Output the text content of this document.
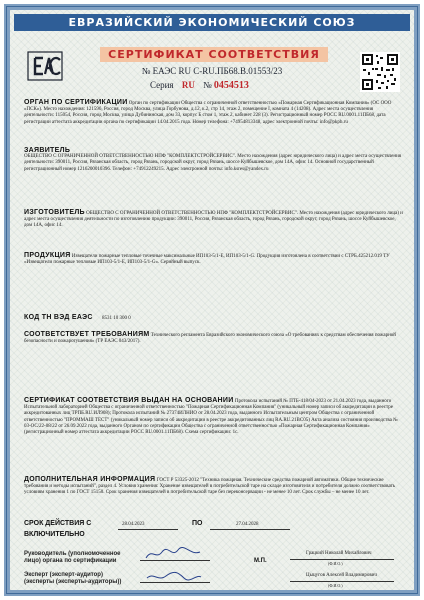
ЕВРАЗИЙСКИЙ ЭКОНОМИЧЕСКИЙ СОЮЗ
СЕРТИФИКАТ СООТВЕТСТВИЯ
№ ЕАЭС RU C-RU.ПБ68.В.01553/23
Серия RU № 0454513
ОРГАН ПО СЕРТИФИКАЦИИ Орган по сертификации Общества с ограниченной ответственностью «Пожарная Сертификационная Компания» (ОС ООО «ПСК»). Место нахождения: 121596, Россия, город Москва, улица Горбунова, д.12, к.2, стр 14, этаж 2, помещение I, комната 4 (14208). Адрес места осуществления деятельности: 115054, Россия, город Москва, улица Дубининская, дом 33, корпус Б стом 1, этаж 2, кабинет 228 (3). Регистрационный номер РОСС RU.0001.11ПБ68, дата регистрации аттестата аккредитации органа по сертификации 14.04.2015 года. Номер телефона: +74954813348, адрес электронной почты: info@pkpb.ru
ЗАЯВИТЕЛЬ
ОБЩЕСТВО С ОГРАНИЧЕННОЙ ОТВЕТСТВЕННОСТЬЮ НПФ "КОМПЛЕКТСТРОЙСЕРВИС". Место нахождения (адрес юридического лица) и адрес места осуществления деятельности: 390011, Россия, Рязанская область, город Рязань, городской округ, город Рязань, шоссе Куйбышевское, дом 14А, офис 14. Основной государственный регистрационный номер 1216200010396. Телефон: +74912249215. Адрес электронной почты: info.ksres@yandex.ru
ИЗГОТОВИТЕЛЬ ОБЩЕСТВО С ОГРАНИЧЕННОЙ ОТВЕТСТВЕННОСТЬЮ НПФ "КОМПЛЕКТСТРОЙСЕРВИС". Место нахождения (адрес юридического лица) и адрес места осуществления деятельности по изготовлению продукции: 390011, Россия, Рязанская область, город Рязань, городской округ, город Рязань, шоссе Куйбышевское, дом 14А, офис 14.
ПРОДУКЦИЯ Извещатели пожарные тепловые точечные максимальные ИП103-5/1-Е, ИП103-5/1-G. Продукция изготовлена в соответствии с СТРБ.425212.019 ТУ «Извещатели пожарные тепловые ИП103-5/1-Е, ИП103-5/1-G». Серийный выпуск.
КОД ТН ВЭД ЕАЭС 8531 10 300 0
СООТВЕТСТВУЕТ ТРЕБОВАНИЯМ Технического регламента Евразийского экономического союза «О требованиях к средствам обеспечения пожарной безопасности и пожаротушения» (ТР ЕАЭС 043/2017).
СЕРТИФИКАТ СООТВЕТСТВИЯ ВЫДАН НА ОСНОВАНИИ Протокола испытаний № ПТБ-418/04-2023 от 21.04.2023 года, выданного Испытательной лабораторией Общества с ограниченной ответственностью "Пожарная Сертификационная Компания" (уникальный номер записи об аккредитации в реестре аккредитованных лиц ТРПБ.RU.ИЛ908); Протокола испытаний № 27374ИЛНИО от 28.04.2023 года, выданного Испытательным центром Общества с ограниченной ответственностью "ПРОММАШ ТЕСТ" (уникальный номер записи об аккредитации в реестре аккредитованных лиц RA.RU.21ВС05) Акта анализа состояния производства № 03-ОС/22-08/22 от 26.09.2022 года, выданного Органом по сертификации Общества с ограниченной ответственностью «Пожарная Сертификационная Компания» (регистрационный номер аттестата аккредитации РОСС RU.0001.11ПБ68). Схема сертификации: 1с.
ДОПОЛНИТЕЛЬНАЯ ИНФОРМАЦИЯ ГОСТ Р 53325-2012 "Техника пожарная. Технические средства пожарной автоматики. Общие технические требования и методы испытаний", раздел 4. Условия хранения: Хранение извещателей в потребительской таре на складе изготовителя и потребителя должно соответствовать условиям хранения 1 по ГОСТ 15150. Срок хранения извещателей в потребительской таре без переконсервации - не менее 10 лет. Срок службы – не менее 10 лет.
СРОК ДЕЙСТВИЯ С	28.04.2023	ПО	27.04.2028
ВКЛЮЧИТЕЛЬНО
Руководитель (уполномоченное лицо) органа по сертификации
Эксперт (эксперт-аудитор) (эксперты (эксперты-аудиторы))
М.П.
Грацкий Николай Михайлович
(Ф.И.О.)
Цыцугов Алексей Владимирович
(Ф.И.О.)
